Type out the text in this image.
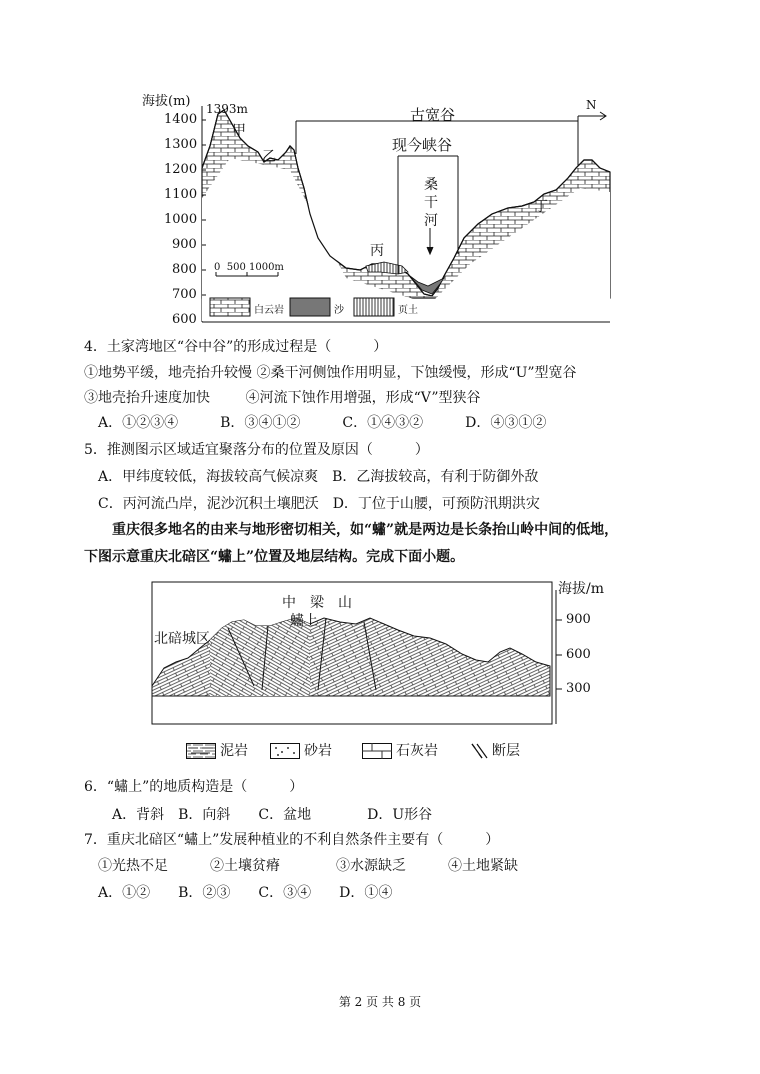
海拔(m) 1393m
1400
1300
1200
1100
1000
900
800
700
600
甲
乙
丙
丁
古宽谷
现今峡谷
桑干河
N
0  500 1000m
白云岩	沙	页土
4．土家湾地区“谷中谷”的形成过程是（　　　）
①地势平缓，地壳抬升较慢 ②桑干河侧蚀作用明显，下蚀缓慢，形成“U”型宽谷
③地壳抬升速度加快        ④河流下蚀作用增强，形成“V”型狭谷
A．①②③④　　　B．③④①②　　　C．①④③②　　　D．④③①②
5．推测图示区域适宜聚落分布的位置及原因（　　　）
A．甲纬度较低，海拔较高气候凉爽　B．乙海拔较高，有利于防御外敌
C．丙河流凸岸，泥沙沉积土壤肥沃　D．丁位于山腰，可预防汛期洪灾
重庆很多地名的由来与地形密切相关，如“蟰”就是两边是长条抬山岭中间的低地，
下图示意重庆北碚区“蟰上”位置及地层结构。完成下面小题。
中　梁　山
蟰上
北碚城区
海拔/m
900
600
300
泥岩	砂岩	石灰岩	断层
6．“蟰上”的地质构造是（　　　）
A．背斜　B．向斜　　C．盆地　　　　D．U形谷
7．重庆北碚区“蟰上”发展种植业的不利自然条件主要有（　　　）
①光热不足　　　②土壤贫瘠　　　　③水源缺乏　　　④土地紧缺
A．①②　　B．②③　　C．③④　　D．①④
第 2 页 共 8 页
